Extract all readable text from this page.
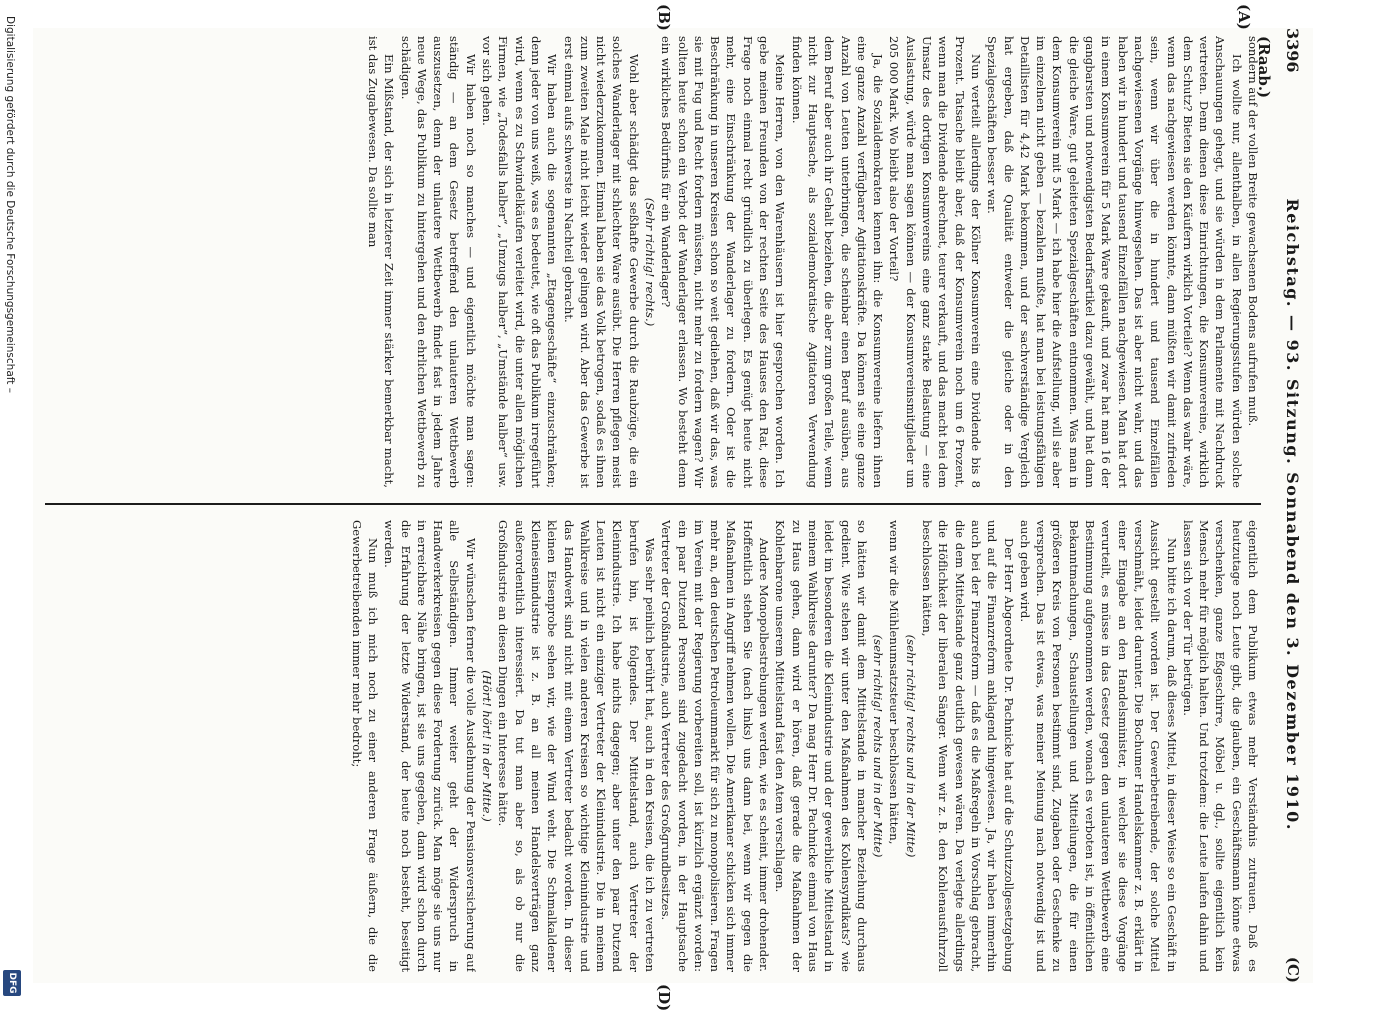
3396
Reichstag. — 93. Sitzung. Sonnabend den 3. Dezember 1910.
(C)
(Raab.)
(A)
(B)
(D)

sondern auf der vollen Breite gewachsenen Bodens aufrufen muß.

Ich wollte nur, allenthalben, in allen Regierungsstufen würden solche Anschauungen gehegt, und sie würden in dem Parlamente mit Nachdruck vertreten. Denn dienen diese Einrichtungen, die Konsumvereine, wirklich dem Schutz? Bieten sie den Käufern wirklich Vorteile? Wenn das wahr wäre, wenn das nachgewiesen werden könnte, dann müßten wir damit zufrieden sein, wenn wir über die in hundert und tausend Einzelfällen nachgewiesenen Vorgänge hinwegsehen. Das ist aber nicht wahr, und das haben wir in hundert und tausend Einzelfällen nachgewiesen. Man hat dort in einem Konsumverein für 5 Mark Ware gekauft, und zwar hat man 16 der gangbarsten und notwendigsten Bedarfsartikel dazu gewählt, und hat dann die gleiche Ware, gut geleiteten Spezialgeschäften entnommen. Was man in dem Konsumverein mit 5 Mark — ich habe hier die Aufstellung, will sie aber im einzelnen nicht geben — bezahlen mußte, hat man bei leistungsfähigen Detaillisten für 4,42 Mark bekommen, und der sachverständige Vergleich hat ergeben, daß die Qualität entweder die gleiche oder in den Spezialgeschäften besser war.

Nun verteilt allerdings der Kölner Konsumverein eine Dividende bis 8 Prozent. Tatsache bleibt aber, daß der Konsumverein noch um 6 Prozent, wenn man die Dividende abrechnet, teurer verkauft, und das macht bei dem Umsatz des dortigen Konsumvereins eine ganz starke Belastung — eine Auslastung, würde man sagen können — der Konsumvereinsmitglieder um 205 000 Mark. Wo bleibt also der Vorteil?

Ja, die Sozialdemokraten kennen ihn: die Konsumvereine liefern ihnen eine ganze Anzahl verfügbarer Agitationskräfte. Da können sie eine ganze Anzahl von Leuten unterbringen, die scheinbar einen Beruf ausüben, aus dem Beruf aber auch ihr Gehalt beziehen, die aber zum großen Teile, wenn nicht zur Hauptsache, als sozialdemokratische Agitatoren Verwendung finden können.

Meine Herren, von den Warenhäusern ist hier gesprochen worden. Ich gebe meinen Freunden von der rechten Seite des Hauses den Rat, diese Frage noch einmal recht gründlich zu überlegen. Es genügt heute nicht mehr, eine Einschränkung der Wanderlager zu fordern. Oder ist die Beschränkung in unseren Kreisen schon so weit gediehen, daß wir das, was sie mit Fug und Recht fordern müssten, nicht mehr zu fordern wagen? Wir sollten heute schon ein Verbot der Wanderlager erlassen. Wo besteht denn ein wirkliches Bedürfnis für ein Wanderlager?

(Sehr richtig! rechts.)

Wohl aber schädigt das seßhafte Gewerbe durch die Raubzüge, die ein solches Wanderlager mit schlechter Ware ausübt. Die Herren pflegen meist nicht wiederzukommen. Einmal haben sie das Volk betrogen, sodaß es ihnen zum zweiten Male nicht leicht wieder gelingen wird. Aber das Gewerbe ist erst einmal aufs schwerste in Nachteil gebracht.

Wir haben auch die sogenannten „Etagengeschäfte“ einzuschränken; denn jeder von uns weiß, was es bedeutet, wie oft das Publikum irregeführt wird, wenn es zu Schwindelkäufen verleitet wird, die unter allen möglichen Firmen, wie „Todesfalls halber“, „Umzugs halber“, „Umstände halber“ usw. vor sich gehen.

Wir haben noch so manches — und eigentlich möchte man sagen: ständig — an dem Gesetz betreffend den unlauteren Wettbewerb auszusetzen, denn der unlautere Wettbewerb findet fast in jedem Jahre neue Wege, das Publikum zu hintergehen und den ehrlichen Wettbewerb zu schädigen.

Ein Mißstand, der sich in letzterer Zeit immer stärker bemerkbar macht, ist das Zugabewesen. Da sollte man

eigentlich dem Publikum etwas mehr Verständnis zutrauen. Daß es heutzutage noch Leute gibt, die glauben, ein Geschäftsmann könne etwas verschenken, ganze Eßgeschirre, Möbel u. dgl., sollte eigentlich kein Mensch mehr für möglich halten. Und trotzdem: die Leute laufen dahin und lassen sich vor der Tür betrügen.

Nun bitte ich darum, daß dieses Mittel, in dieser Weise so ein Geschäft in Aussicht gestellt worden ist. Der Gewerbetreibende, der solche Mittel verschmäht, leidet darunter. Die Bochumer Handelskammer z. B. erklärt in einer Eingabe an den Handelsminister, in welcher sie diese Vorgänge verurteilt, es müsse in das Gesetz gegen den unlauteren Wettbewerb eine Bestimmung aufgenommen werden, wonach es verboten ist, in öffentlichen Bekanntmachungen, Schaustellungen und Mitteilungen, die für einen größeren Kreis von Personen bestimmt sind, Zugaben oder Geschenke zu versprechen. Das ist etwas, was meiner Meinung nach notwendig ist und auch geben wird.

Der Herr Abgeordnete Dr. Pachnicke hat auf die Schutzzollgesetzgebung und auf die Finanzreform anklagend hingewiesen. Ja, wir haben immerhin auch bei der Finanzreform — daß es die Maßregeln in Vorschlag gebracht, die dem Mittelstande ganz deutlich gewesen wären. Da verlegte allerdings die Höflichkeit der liberalen Sänger. Wenn wir z. B. den Kohlenausfuhrzoll beschlossen hätten,

(sehr richtig! rechts und in der Mitte)

wenn wir die Mühlenumsatzsteuer beschlossen hätten,

(sehr richtig! rechts und in der Mitte)

so hätten wir damit dem Mittelstande in mancher Beziehung durchaus gedient. Wie stehen wir unter den Maßnahmen des Kohlensyndikats? wie leidet im besonderen die Kleinindustrie und der gewerbliche Mittelstand in meinem Wahlkreise darunter? Da mag Herr Dr. Pachnicke einmal von Haus zu Haus gehen, dann wird er hören, daß gerade die Maßnahmen der Kohlenbarone unserem Mittelstand fast den Atem verschlagen.

Andere Monopolbestrebungen werden, wie es scheint, immer drohender. Hoffentlich stehen Sie (nach links) uns dann bei, wenn wir gegen die Maßnahmen in Angriff nehmen wollen. Die Amerikaner schicken sich immer mehr an, den deutschen Petroleummarkt für sich zu monopolisieren. Fragen im Verein mit der Regierung vorbereiten soll, ist kürzlich ergänzt worden: ein paar Dutzend Personen sind zugedacht worden, in der Hauptsache Vertreter der Großindustrie, auch Vertreter des Großgrundbesitzes.

Was sehr peinlich berührt hat, auch in den Kreisen, die ich zu vertreten berufen bin, ist folgendes. Der Mittelstand, auch Vertreter der Kleinindustrie. Ich habe nichts dagegen; aber unter den paar Dutzend Leuten ist nicht ein einziger Vertreter der Kleinindustrie. Die in meinem Wahlkreise und in vielen anderen Kreisen so wichtige Kleinindustrie und das Handwerk sind nicht mit einem Vertreter bedacht worden. In dieser kleinen Eisenprobe sehen wir, wie der Wind weht. Die Schmalkaldener Kleineisenindustrie ist z. B. an all meinen Handelsverträgen ganz außerordentlich interessiert. Da tut man aber so, als ob nur die Großindustrie an diesen Dingen ein Interesse hätte.

(Hört! hört! in der Mitte.)

Wir wünschen ferner die volle Ausdehnung der Pensionsversicherung auf alle Selbständigen. Immer weiter geht der Widerspruch in Handwerkerkreisen gegen diese Forderung zurück. Man möge sie uns nur in erreichbare Nähe bringen, ist sie uns gegeben, dann wird schon durch die Erfahrung der letzte Widerstand, der heute noch besteht, beseitigt werden.

Nun muß ich mich noch zu einer anderen Frage äußern, die die Gewerbetreibenden immer mehr bedroht;

Digitalisierung gefördert durch die Deutsche Forschungsgemeinschaft –
DFG
